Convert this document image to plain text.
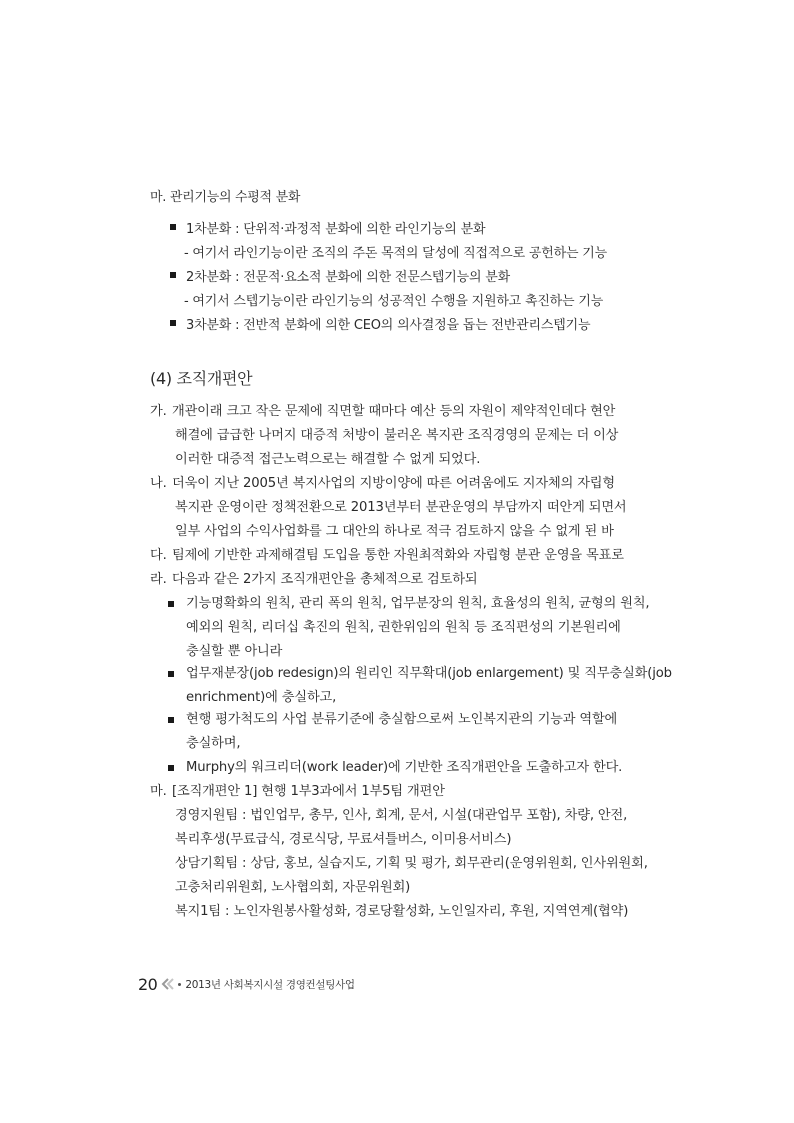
마. 관리기능의 수평적 분화
1차분화 : 단위적·과정적 분화에 의한 라인기능의 분화
- 여기서 라인기능이란 조직의 주돈 목적의 달성에 직접적으로 공헌하는 기능
2차분화 : 전문적·요소적 분화에 의한 전문스텝기능의 분화
- 여기서 스텝기능이란 라인기능의 성공적인 수행을 지원하고 촉진하는 기능
3차분화 : 전반적 분화에 의한 CEO의 의사결정을 돕는 전반관리스텝기능
(4) 조직개편안
가. 개관이래 크고 작은 문제에 직면할 때마다 예산 등의 자원이 제약적인데다 현안
해결에 급급한 나머지 대증적 처방이 불러온 복지관 조직경영의 문제는 더 이상
이러한 대증적 접근노력으로는 해결할 수 없게 되었다.
나. 더욱이 지난 2005년 복지사업의 지방이양에 따른 어려움에도 지자체의 자립형
복지관 운영이란 정책전환으로 2013년부터 분관운영의 부담까지 떠안게 되면서
일부 사업의 수익사업화를 그 대안의 하나로 적극 검토하지 않을 수 없게 된 바
다. 팀제에 기반한 과제해결팀 도입을 통한 자원최적화와 자립형 분관 운영을 목표로
라. 다음과 같은 2가지 조직개편안을 총체적으로 검토하되
기능명확화의 원칙, 관리 폭의 원칙, 업무분장의 원칙, 효율성의 원칙, 균형의 원칙,
예외의 원칙, 리더십 촉진의 원칙, 권한위임의 원칙 등 조직편성의 기본원리에
충실할 뿐 아니라
업무재분장(job redesign)의 원리인 직무확대(job enlargement) 및 직무충실화(job
enrichment)에 충실하고,
현행 평가척도의 사업 분류기준에 충실함으로써 노인복지관의 기능과 역할에
충실하며,
Murphy의 워크리더(work leader)에 기반한 조직개편안을 도출하고자 한다.
마. [조직개편안 1] 현행 1부3과에서 1부5팀 개편안
경영지원팀 : 법인업무, 총무, 인사, 회계, 문서, 시설(대관업무 포함), 차량, 안전,
복리후생(무료급식, 경로식당, 무료셔틀버스, 이미용서비스)
상담기획팀 : 상담, 홍보, 실습지도, 기획 및 평가, 회무관리(운영위원회, 인사위원회,
고충처리위원회, 노사협의회, 자문위원회)
복지1팀 : 노인자원봉사활성화, 경로당활성화, 노인일자리, 후원, 지역연계(협약)
20	2013년 사회복지시설 경영컨설팅사업
